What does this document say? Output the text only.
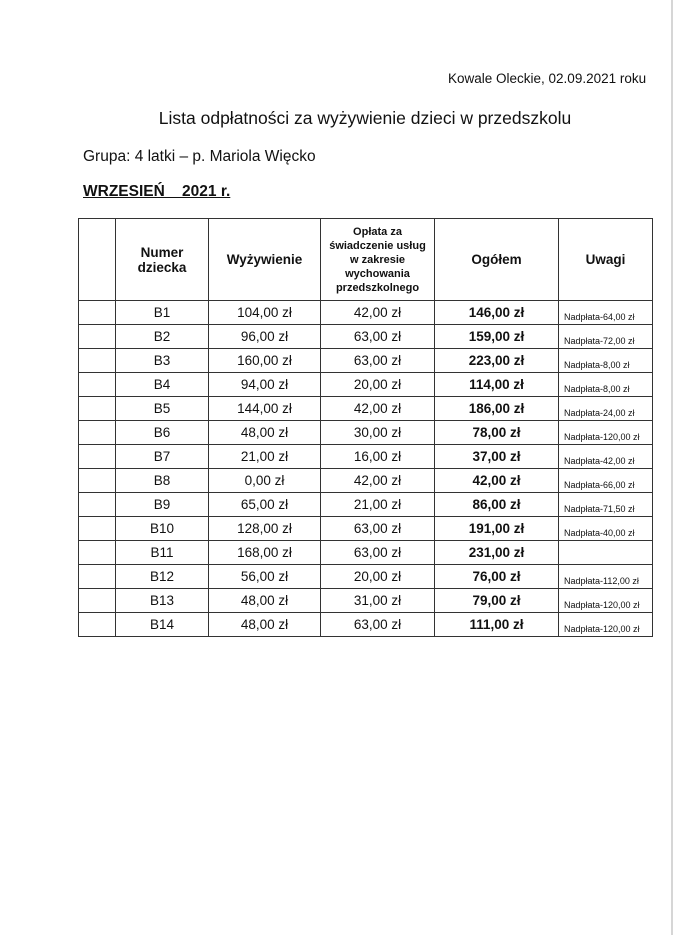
Kowale Oleckie, 02.09.2021 roku
Lista odpłatności za wyżywienie dzieci w przedszkolu
Grupa: 4 latki – p. Mariola Więcko
WRZESIEŃ    2021 r.
	Numer
dziecka	Wyżywienie	Opłata za
świadczenie usług
w zakresie
wychowania
przedszkolnego	Ogółem	Uwagi
	B1	104,00 zł	42,00 zł	146,00 zł	Nadpłata-64,00 zł
	B2	96,00 zł	63,00 zł	159,00 zł	Nadpłata-72,00 zł
	B3	160,00 zł	63,00 zł	223,00 zł	Nadpłata-8,00 zł
	B4	94,00 zł	20,00 zł	114,00 zł	Nadpłata-8,00 zł
	B5	144,00 zł	42,00 zł	186,00 zł	Nadpłata-24,00 zł
	B6	48,00 zł	30,00 zł	78,00 zł	Nadpłata-120,00 zł
	B7	21,00 zł	16,00 zł	37,00 zł	Nadpłata-42,00 zł
	B8	0,00 zł	42,00 zł	42,00 zł	Nadpłata-66,00 zł
	B9	65,00 zł	21,00 zł	86,00 zł	Nadpłata-71,50 zł
	B10	128,00 zł	63,00 zł	191,00 zł	Nadpłata-40,00 zł
	B11	168,00 zł	63,00 zł	231,00 zł	
	B12	56,00 zł	20,00 zł	76,00 zł	Nadpłata-112,00 zł
	B13	48,00 zł	31,00 zł	79,00 zł	Nadpłata-120,00 zł
	B14	48,00 zł	63,00 zł	111,00 zł	Nadpłata-120,00 zł
